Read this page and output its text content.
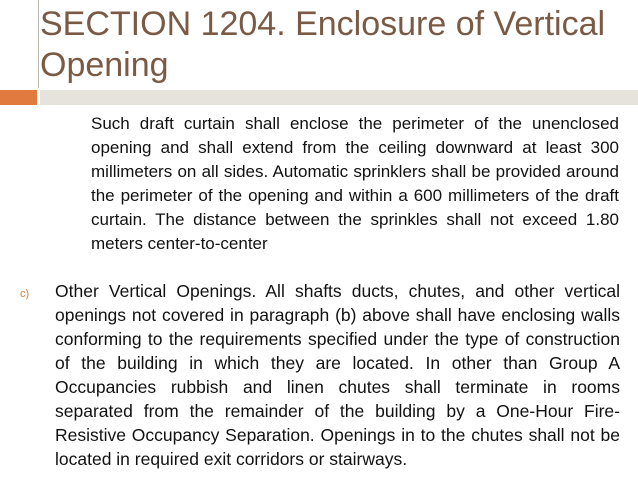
SECTION 1204. Enclosure of Vertical Opening

Such draft curtain shall enclose the perimeter of the unenclosed opening and shall extend from the ceiling downward at least 300 millimeters on all sides. Automatic sprinklers shall be provided around the perimeter of the opening and within a 600 millimeters of the draft curtain. The distance between the sprinkles shall not exceed 1.80 meters center-to-center

c) Other Vertical Openings. All shafts ducts, chutes, and other vertical openings not covered in paragraph (b) above shall have enclosing walls conforming to the requirements specified under the type of construction of the building in which they are located. In other than Group A Occupancies rubbish and linen chutes shall terminate in rooms separated from the remainder of the building by a One-Hour Fire-Resistive Occupancy Separation. Openings in to the chutes shall not be located in required exit corridors or stairways.
